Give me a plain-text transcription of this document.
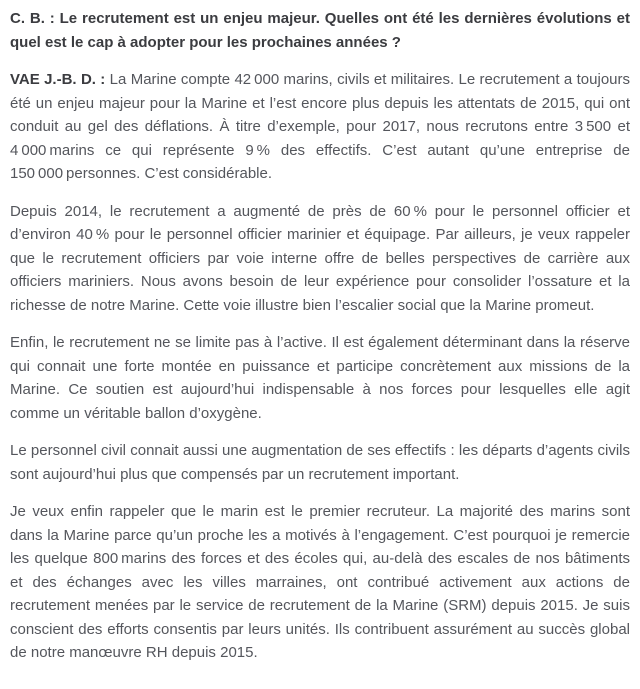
C. B. : Le recrutement est un enjeu majeur. Quelles ont été les dernières évolutions et quel est le cap à adopter pour les prochaines années ?

VAE J.-B. D. : La Marine compte 42 000 marins, civils et militaires. Le recrutement a toujours été un enjeu majeur pour la Marine et l’est encore plus depuis les attentats de 2015, qui ont conduit au gel des déflations. À titre d’exemple, pour 2017, nous recrutons entre 3 500 et 4 000 marins ce qui représente 9 % des effectifs. C’est autant qu’une entreprise de 150 000 personnes. C’est considérable.

Depuis 2014, le recrutement a augmenté de près de 60 % pour le personnel officier et d’environ 40 % pour le personnel officier marinier et équipage. Par ailleurs, je veux rappeler que le recrutement officiers par voie interne offre de belles perspectives de carrière aux officiers mariniers. Nous avons besoin de leur expérience pour consolider l’ossature et la richesse de notre Marine. Cette voie illustre bien l’escalier social que la Marine promeut.

Enfin, le recrutement ne se limite pas à l’active. Il est également déterminant dans la réserve qui connait une forte montée en puissance et participe concrètement aux missions de la Marine. Ce soutien est aujourd’hui indispensable à nos forces pour lesquelles elle agit comme un véritable ballon d’oxygène.

Le personnel civil connait aussi une augmentation de ses effectifs : les départs d’agents civils sont aujourd’hui plus que compensés par un recrutement important.

Je veux enfin rappeler que le marin est le premier recruteur. La majorité des marins sont dans la Marine parce qu’un proche les a motivés à l’engagement. C’est pourquoi je remercie les quelque 800 marins des forces et des écoles qui, au-delà des escales de nos bâtiments et des échanges avec les villes marraines, ont contribué activement aux actions de recrutement menées par le service de recrutement de la Marine (SRM) depuis 2015. Je suis conscient des efforts consentis par leurs unités. Ils contribuent assurément au succès global de notre manœuvre RH depuis 2015.
